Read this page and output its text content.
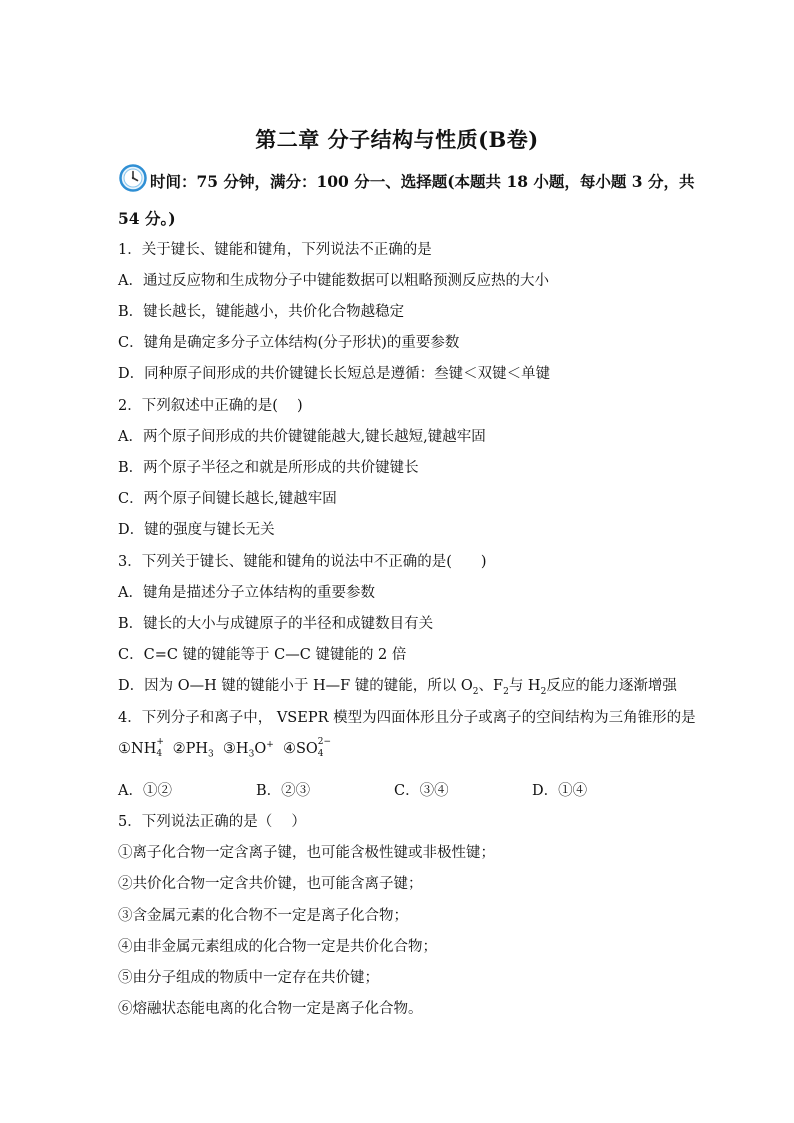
第二章 分子结构与性质(B卷)
时间：75 分钟，满分：100 分一、选择题(本题共 18 小题，每小题 3 分，共
54 分。)
1．关于键长、键能和键角，下列说法不正确的是
A．通过反应物和生成物分子中键能数据可以粗略预测反应热的大小
B．键长越长，键能越小，共价化合物越稳定
C．键角是确定多分子立体结构(分子形状)的重要参数
D．同种原子间形成的共价键键长长短总是遵循：叁键＜双键＜单键
2．下列叙述中正确的是(　 )
A．两个原子间形成的共价键键能越大,键长越短,键越牢固
B．两个原子半径之和就是所形成的共价键键长
C．两个原子间键长越长,键越牢固
D．键的强度与键长无关
3．下列关于键长、键能和键角的说法中不正确的是(　　)
A．键角是描述分子立体结构的重要参数
B．键长的大小与成键原子的半径和成键数目有关
C．C=C 键的键能等于 C—C 键键能的 2 倍
D．因为 O—H 键的键能小于 H—F 键的键能，所以 $O_2$、$F_2$与 $H_2$反应的能力逐渐增强
4．下列分子和离子中， VSEPR 模型为四面体形且分子或离子的空间结构为三角锥形的是
①NH +
4 $②PH_3$ $③H_3O^+$ ④SO 2−
4
A．①②	B．②③	C．③④	D．①④
5．下列说法正确的是（　 ）
①离子化合物一定含离子键，也可能含极性键或非极性键；
②共价化合物一定含共价键，也可能含离子键；
③含金属元素的化合物不一定是离子化合物；
④由非金属元素组成的化合物一定是共价化合物；
⑤由分子组成的物质中一定存在共价键；
⑥熔融状态能电离的化合物一定是离子化合物。
